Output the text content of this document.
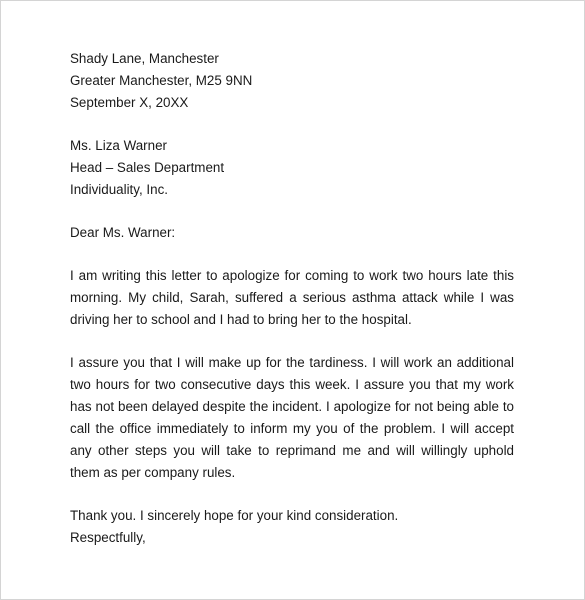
Shady Lane, Manchester
Greater Manchester, M25 9NN
September X, 20XX
Ms. Liza Warner
Head – Sales Department
Individuality, Inc.
Dear Ms. Warner:
I am writing this letter to apologize for coming to work two hours late this morning. My child, Sarah, suffered a serious asthma attack while I was driving her to school and I had to bring her to the hospital.
I assure you that I will make up for the tardiness. I will work an additional two hours for two consecutive days this week. I assure you that my work has not been delayed despite the incident. I apologize for not being able to call the office immediately to inform my you of the problem. I will accept any other steps you will take to reprimand me and will willingly uphold them as per company rules.
Thank you. I sincerely hope for your kind consideration.
Respectfully,
